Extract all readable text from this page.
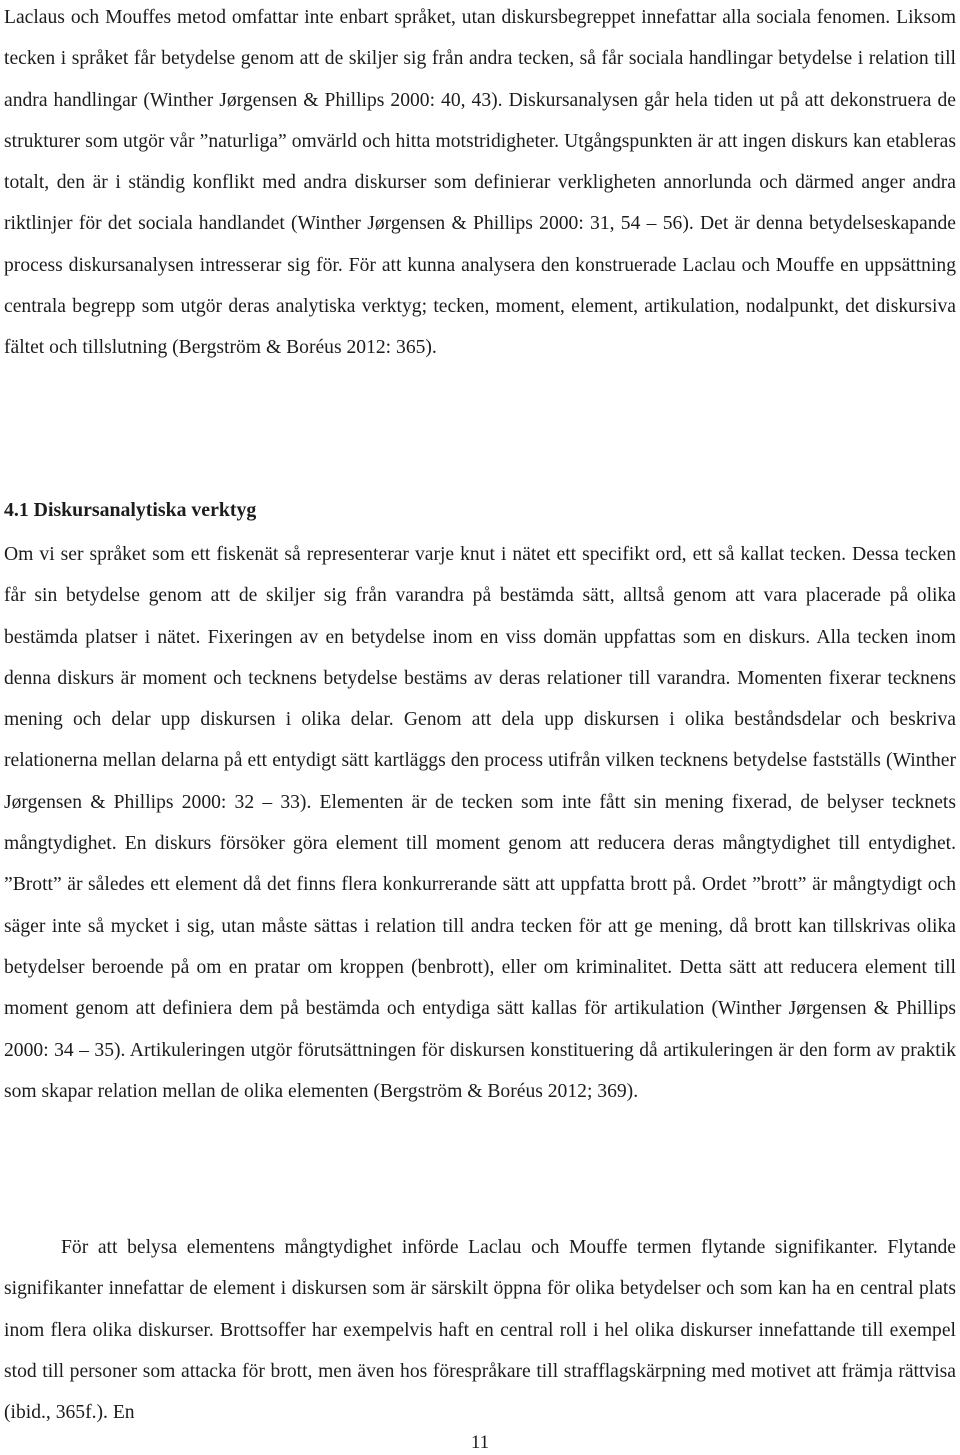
Laclaus och Mouffes metod omfattar inte enbart språket, utan diskursbegreppet innefattar alla sociala fenomen. Liksom tecken i språket får betydelse genom att de skiljer sig från andra tecken, så får sociala handlingar betydelse i relation till andra handlingar (Winther Jørgensen & Phillips 2000: 40, 43). Diskursanalysen går hela tiden ut på att dekonstruera de strukturer som utgör vår ”naturliga” omvärld och hitta motstridigheter. Utgångspunkten är att ingen diskurs kan etableras totalt, den är i ständig konflikt med andra diskurser som definierar verkligheten annorlunda och därmed anger andra riktlinjer för det sociala handlandet (Winther Jørgensen & Phillips 2000: 31, 54 – 56). Det är denna betydelseskapande process diskursanalysen intresserar sig för. För att kunna analysera den konstruerade Laclau och Mouffe en uppsättning centrala begrepp som utgör deras analytiska verktyg; tecken, moment, element, artikulation, nodalpunkt, det diskursiva fältet och tillslutning (Bergström & Boréus 2012: 365).

4.1 Diskursanalytiska verktyg

Om vi ser språket som ett fiskenät så representerar varje knut i nätet ett specifikt ord, ett så kallat tecken. Dessa tecken får sin betydelse genom att de skiljer sig från varandra på bestämda sätt, alltså genom att vara placerade på olika bestämda platser i nätet. Fixeringen av en betydelse inom en viss domän uppfattas som en diskurs. Alla tecken inom denna diskurs är moment och tecknens betydelse bestäms av deras relationer till varandra. Momenten fixerar tecknens mening och delar upp diskursen i olika delar. Genom att dela upp diskursen i olika beståndsdelar och beskriva relationerna mellan delarna på ett entydigt sätt kartläggs den process utifrån vilken tecknens betydelse fastställs (Winther Jørgensen & Phillips 2000: 32 – 33). Elementen är de tecken som inte fått sin mening fixerad, de belyser tecknets mångtydighet. En diskurs försöker göra element till moment genom att reducera deras mångtydighet till entydighet. ”Brott” är således ett element då det finns flera konkurrerande sätt att uppfatta brott på. Ordet ”brott” är mångtydigt och säger inte så mycket i sig, utan måste sättas i relation till andra tecken för att ge mening, då brott kan tillskrivas olika betydelser beroende på om en pratar om kroppen (benbrott), eller om kriminalitet. Detta sätt att reducera element till moment genom att definiera dem på bestämda och entydiga sätt kallas för artikulation (Winther Jørgensen & Phillips 2000: 34 – 35). Artikuleringen utgör förutsättningen för diskursen konstituering då artikuleringen är den form av praktik som skapar relation mellan de olika elementen (Bergström & Boréus 2012; 369).

För att belysa elementens mångtydighet införde Laclau och Mouffe termen flytande signifikanter. Flytande signifikanter innefattar de element i diskursen som är särskilt öppna för olika betydelser och som kan ha en central plats inom flera olika diskurser. Brottsoffer har exempelvis haft en central roll i hel olika diskurser innefattande till exempel stod till personer som attacka för brott, men även hos förespråkare till strafflagskärpning med motivet att främja rättvisa (ibid., 365f.). En

11
